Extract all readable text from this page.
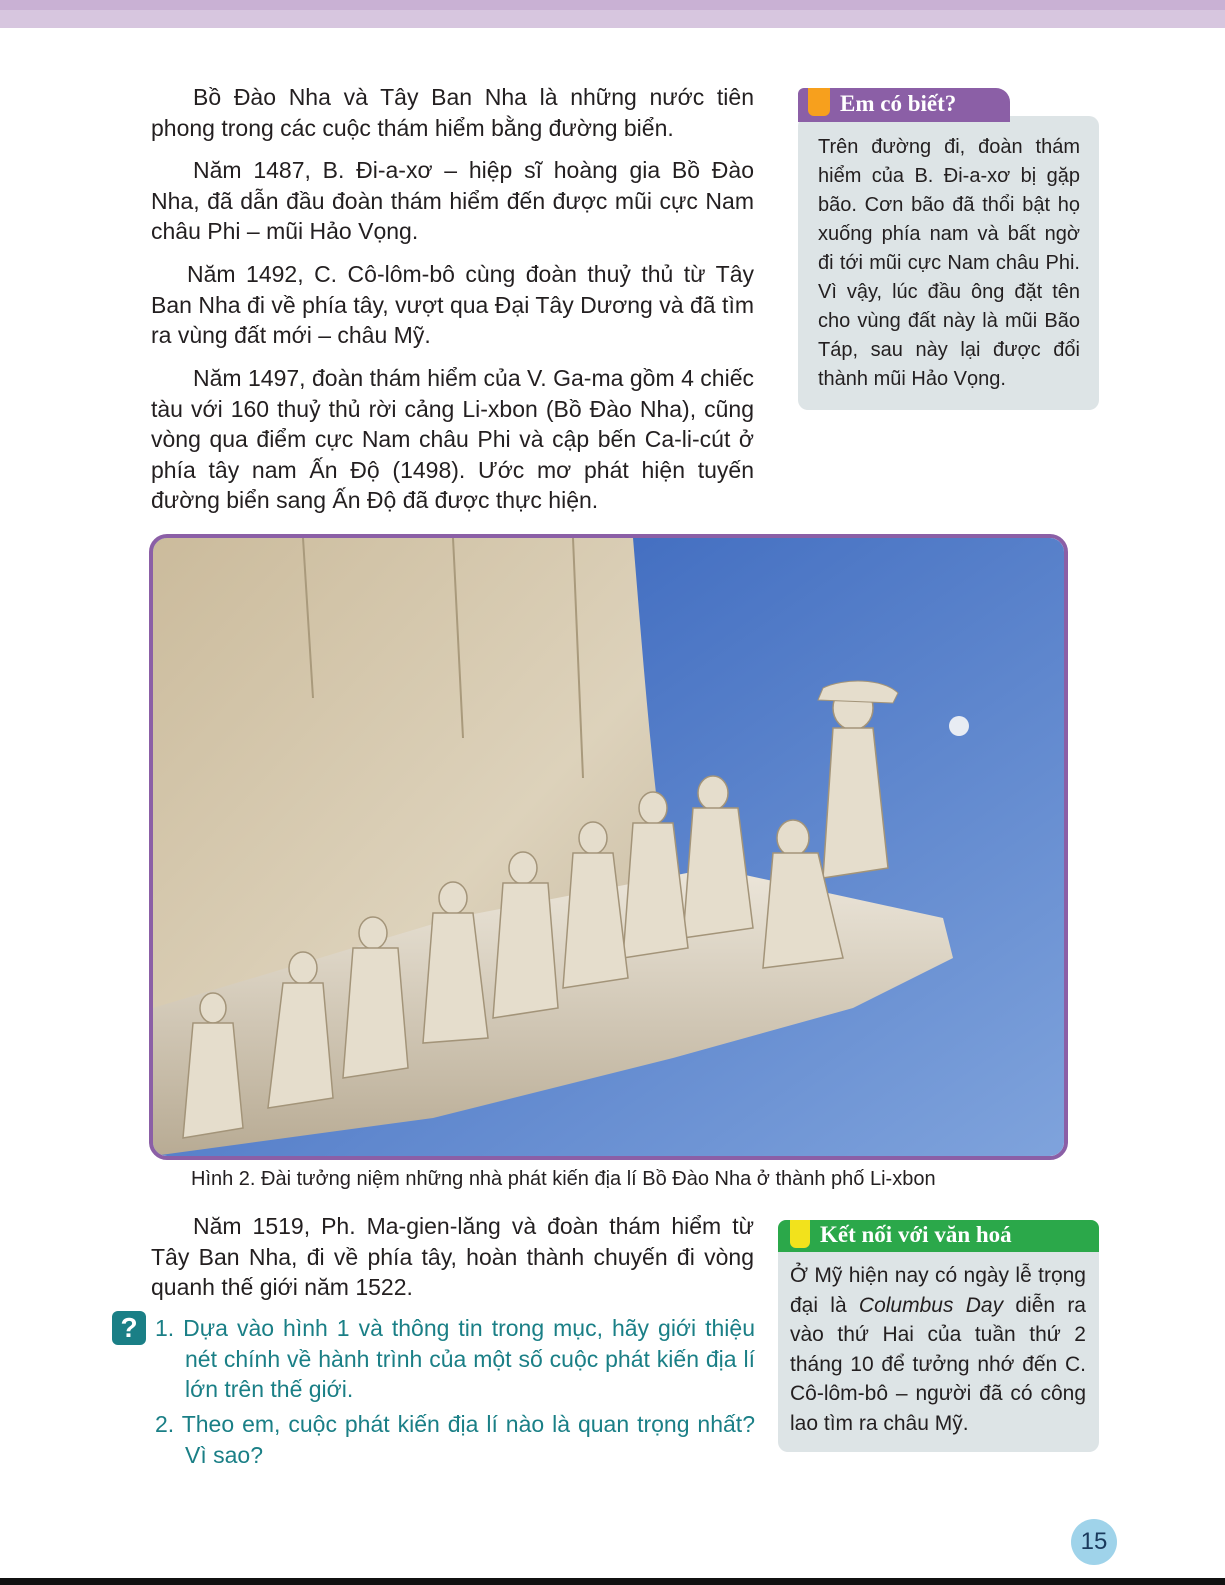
Bồ Đào Nha và Tây Ban Nha là những nước tiên phong trong các cuộc thám hiểm bằng đường biển.

Năm 1487, B. Đi-a-xơ – hiệp sĩ hoàng gia Bồ Đào Nha, đã dẫn đầu đoàn thám hiểm đến được mũi cực Nam châu Phi – mũi Hảo Vọng.

Năm 1492, C. Cô-lôm-bô cùng đoàn thuỷ thủ từ Tây Ban Nha đi về phía tây, vượt qua Đại Tây Dương và đã tìm ra vùng đất mới – châu Mỹ.

Năm 1497, đoàn thám hiểm của V. Ga-ma gồm 4 chiếc tàu với 160 thuỷ thủ rời cảng Li-xbon (Bồ Đào Nha), cũng vòng qua điểm cực Nam châu Phi và cập bến Ca-li-cút ở phía tây nam Ấn Độ (1498). Ước mơ phát hiện tuyến đường biển sang Ấn Độ đã được thực hiện.

Em có biết?

Trên đường đi, đoàn thám hiểm của B. Đi-a-xơ bị gặp bão. Cơn bão đã thổi bật họ xuống phía nam và bất ngờ đi tới mũi cực Nam châu Phi. Vì vậy, lúc đầu ông đặt tên cho vùng đất này là mũi Bão Táp, sau này lại được đổi thành mũi Hảo Vọng.

Hình 2. Đài tưởng niệm những nhà phát kiến địa lí Bồ Đào Nha ở thành phố Li-xbon

Năm 1519, Ph. Ma-gien-lăng và đoàn thám hiểm từ Tây Ban Nha, đi về phía tây, hoàn thành chuyến đi vòng quanh thế giới năm 1522.

Kết nối với văn hoá

Ở Mỹ hiện nay có ngày lễ trọng đại là Columbus Day diễn ra vào thứ Hai của tuần thứ 2 tháng 10 để tưởng nhớ đến C. Cô-lôm-bô – người đã có công lao tìm ra châu Mỹ.

? 1. Dựa vào hình 1 và thông tin trong mục, hãy giới thiệu nét chính về hành trình của một số cuộc phát kiến địa lí lớn trên thế giới.

2. Theo em, cuộc phát kiến địa lí nào là quan trọng nhất? Vì sao?

15
